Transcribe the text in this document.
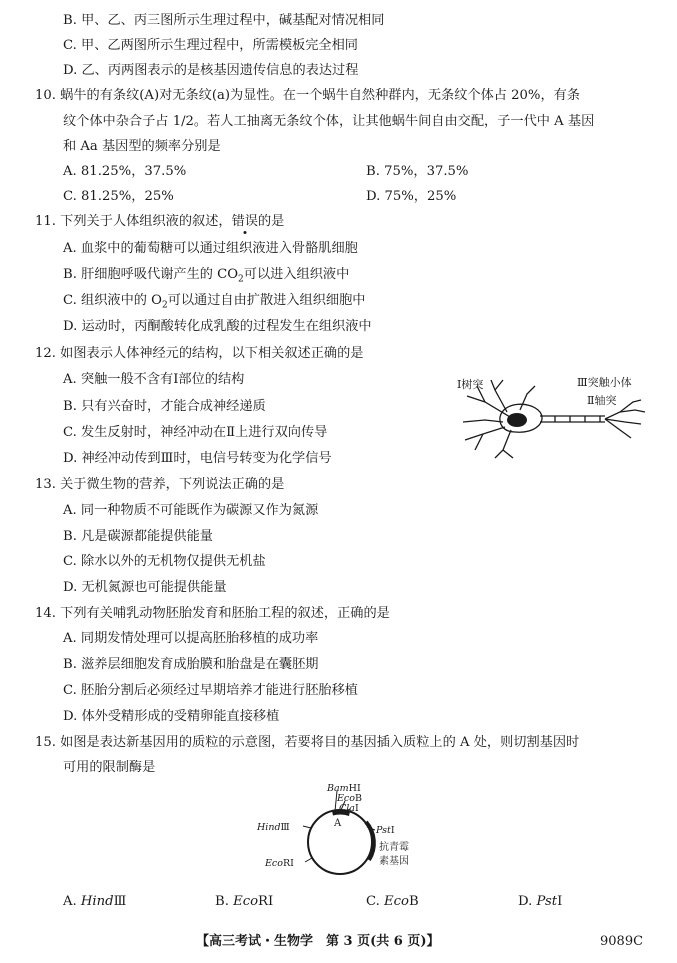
B. 甲、乙、丙三图所示生理过程中，碱基配对情况相同
C. 甲、乙两图所示生理过程中，所需模板完全相同
D. 乙、丙两图表示的是核基因遗传信息的表达过程
10. 蜗牛的有条纹(A)对无条纹(a)为显性。在一个蜗牛自然种群内，无条纹个体占 20%，有条
纹个体中杂合子占 1/2。若人工抽离无条纹个体，让其他蜗牛间自由交配，子一代中 A 基因
和 Aa 基因型的频率分别是
A. 81.25%，37.5%	B. 75%，37.5%
C. 81.25%，25%	D. 75%，25%
11. 下列关于人体组织液的叙述，错误的是
A. 血浆中的葡萄糖可以通过组织液进入骨骼肌细胞
B. 肝细胞呼吸代谢产生的 $CO_2$可以进入组织液中
C. 组织液中的 $O_2$可以通过自由扩散进入组织细胞中
D. 运动时，丙酮酸转化成乳酸的过程发生在组织液中
12. 如图表示人体神经元的结构，以下相关叙述正确的是
A. 突触一般不含有Ⅰ部位的结构
B. 只有兴奋时，才能合成神经递质
C. 发生反射时，神经冲动在Ⅱ上进行双向传导
D. 神经冲动传到Ⅲ时，电信号转变为化学信号
Ⅰ树突	Ⅲ突触小体
Ⅱ轴突
13. 关于微生物的营养，下列说法正确的是
A. 同一种物质不可能既作为碳源又作为氮源
B. 凡是碳源都能提供能量
C. 除水以外的无机物仅提供无机盐
D. 无机氮源也可能提供能量
14. 下列有关哺乳动物胚胎发育和胚胎工程的叙述，正确的是
A. 同期发情处理可以提高胚胎移植的成功率
B. 滋养层细胞发育成胎膜和胎盘是在囊胚期
C. 胚胎分割后必须经过早期培养才能进行胚胎移植
D. 体外受精形成的受精卵能直接移植
15. 如图是表达新基因用的质粒的示意图，若要将目的基因插入质粒上的 A 处，则切割基因时
可用的限制酶是
BamHⅠ
EcoB
ClaⅠ
A
HindⅢ
EcoRⅠ
PstⅠ
抗青霉
素基因
A. HindⅢ	B. EcoRⅠ	C. EcoB	D. PstⅠ
【高三考试・生物学　第 3 页(共 6 页)】	9089C
